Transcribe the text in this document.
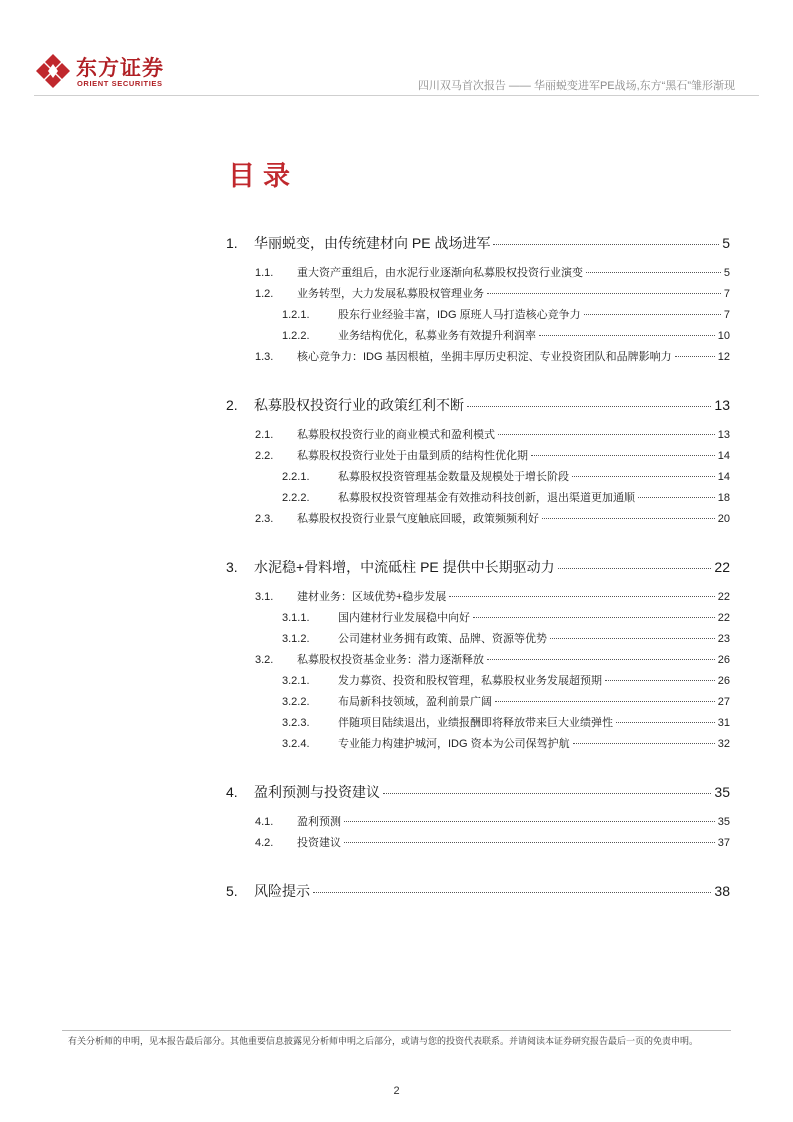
东方证券
ORIENT SECURITIES	四川双马首次报告 —— 华丽蜕变进军PE战场,东方“黑石”雏形渐现
目录
1.	华丽蜕变，由传统建材向 PE 战场进军	5
1.1.	重大资产重组后，由水泥行业逐渐向私募股权投资行业演变	5
1.2.	业务转型，大力发展私募股权管理业务	7
1.2.1.	股东行业经验丰富，IDG 原班人马打造核心竞争力	7
1.2.2.	业务结构优化，私募业务有效提升利润率	10
1.3.	核心竞争力：IDG 基因根植，坐拥丰厚历史积淀、专业投资团队和品牌影响力	12
2.	私募股权投资行业的政策红利不断	13
2.1.	私募股权投资行业的商业模式和盈利模式	13
2.2.	私募股权投资行业处于由量到质的结构性优化期	14
2.2.1.	私募股权投资管理基金数量及规模处于增长阶段	14
2.2.2.	私募股权投资管理基金有效推动科技创新，退出渠道更加通顺	18
2.3.	私募股权投资行业景气度触底回暖，政策频频利好	20
3.	水泥稳+骨料增，中流砥柱 PE 提供中长期驱动力	22
3.1.	建材业务：区域优势+稳步发展	22
3.1.1.	国内建材行业发展稳中向好	22
3.1.2.	公司建材业务拥有政策、品牌、资源等优势	23
3.2.	私募股权投资基金业务：潜力逐渐释放	26
3.2.1.	发力募资、投资和股权管理，私募股权业务发展超预期	26
3.2.2.	布局新科技领域，盈利前景广阔	27
3.2.3.	伴随项目陆续退出，业绩报酬即将释放带来巨大业绩弹性	31
3.2.4.	专业能力构建护城河，IDG 资本为公司保驾护航	32
4.	盈利预测与投资建议	35
4.1.	盈利预测	35
4.2.	投资建议	37
5.	风险提示	38
有关分析师的申明，见本报告最后部分。其他重要信息披露见分析师申明之后部分，或请与您的投资代表联系。并请阅读本证券研究报告最后一页的免责申明。
2
